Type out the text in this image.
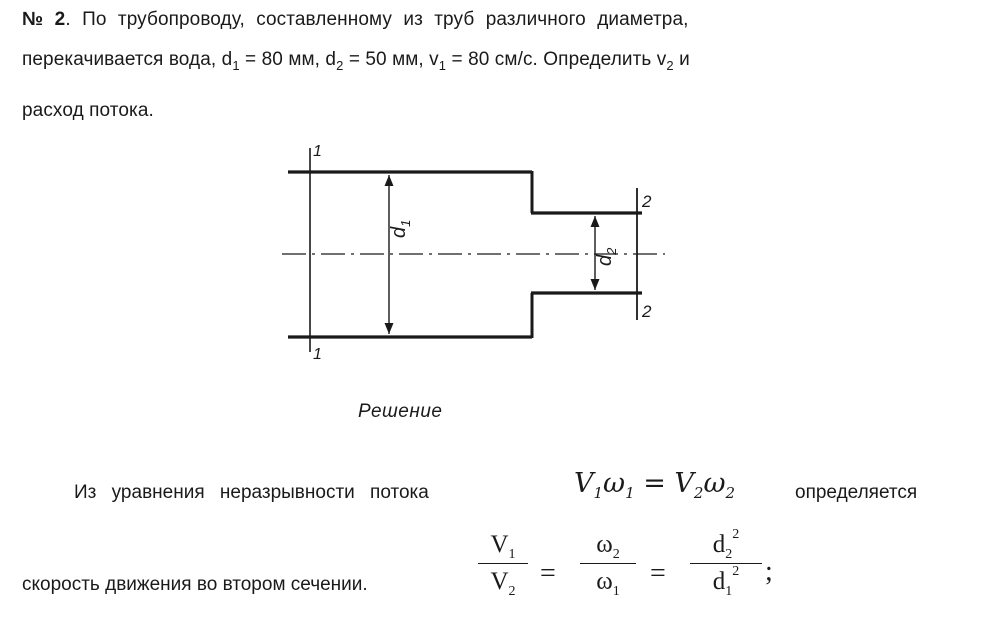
№ 2. По трубопроводу, составленному из труб различного диаметра,
перекачивается вода, $d_1 = 80$ мм, $d_2 = 50$ мм, $v_1 = 80$ см/с. Определить $v_2$ и
расход потока.
1
1
2
2
$d_1$
$d_2$
Решение
Из уравнения неразрывности потока	$V_1\omega_1 = V_2\omega_2$	определяется
скорость движения во втором сечении.
$V_1$
$V_2$
=
$\omega_2$
$\omega_1$
=
$d_2^2$
$d_1^2$ ;
